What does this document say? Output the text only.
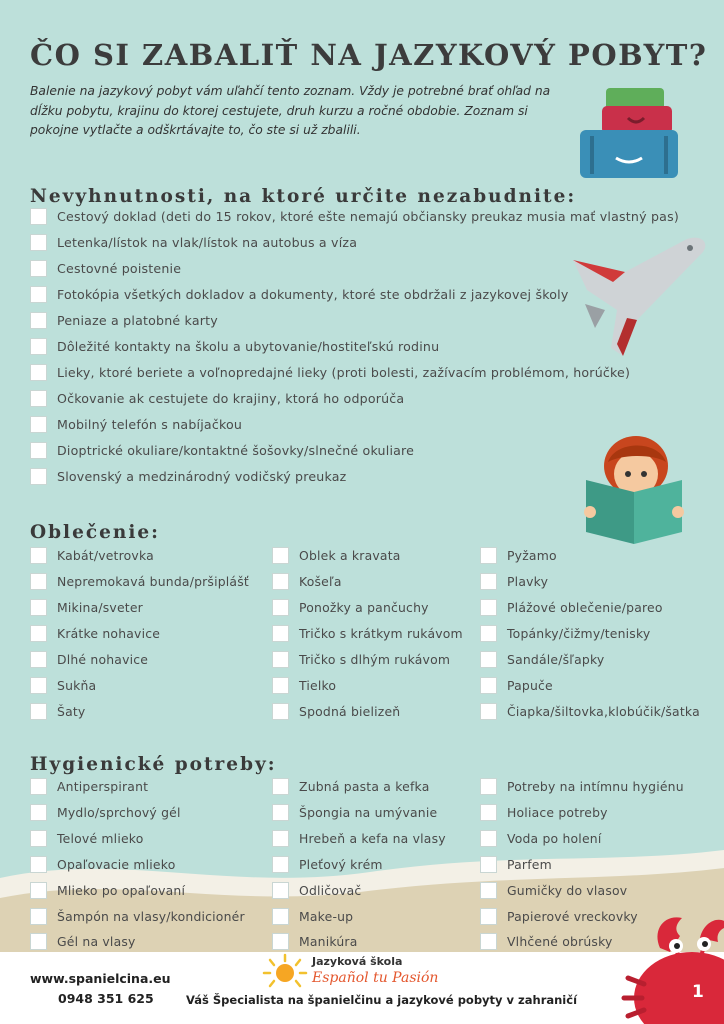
ČO SI ZABALIŤ NA JAZYKOVÝ POBYT?
Balenie na jazykový pobyt vám uľahčí tento zoznam. Vždy je potrebné brať ohľad na dĺžku pobytu, krajinu do ktorej cestujete, druh kurzu a ročné obdobie. Zoznam si pokojne vytlačte a odškrtávajte to, čo ste si už zbalili.
Nevyhnutnosti, na ktoré určite nezabudnite:
Cestový doklad (deti do 15 rokov, ktoré ešte nemajú občiansky preukaz musia mať vlastný pas)
Letenka/lístok na vlak/lístok na autobus a víza
Cestovné poistenie
Fotokópia všetkých dokladov a dokumenty, ktoré ste obdržali z jazykovej školy
Peniaze a platobné karty
Dôležité kontakty na školu a ubytovanie/hostiteľskú rodinu
Lieky, ktoré beriete a voľnopredajné lieky (proti bolesti, zažívacím problémom, horúčke)
Očkovanie ak cestujete do krajiny, ktorá ho odporúča
Mobilný telefón s nabíjačkou
Dioptrické okuliare/kontaktné šošovky/slnečné okuliare
Slovenský a medzinárodný vodičský preukaz
Oblečenie:
Kabát/vetrovka
Nepremokavá bunda/pršiplášť
Mikina/sveter
Krátke nohavice
Dlhé nohavice
Sukňa
Šaty
Oblek a kravata
Košeľa
Ponožky a pančuchy
Tričko s krátkym rukávom
Tričko s dlhým rukávom
Tielko
Spodná bielizeň
Pyžamo
Plavky
Plážové oblečenie/pareo
Topánky/čižmy/tenisky
Sandále/šľapky
Papuče
Čiapka/šiltovka,klobúčik/šatka
Hygienické potreby:
Antiperspirant
Mydlo/sprchový gél
Telové mlieko
Opaľovacie mlieko
Mlieko po opaľovaní
Šampón na vlasy/kondicionér
Gél na vlasy
Zubná pasta a kefka
Špongia na umývanie
Hrebeň a kefa na vlasy
Pleťový krém
Odličovač
Make-up
Manikúra
Potreby na intímnu hygiénu
Holiace potreby
Voda po holení
Parfem
Gumičky do vlasov
Papierové vreckovky
Vlhčené obrúsky
www.spanielcina.eu
0948 351 625
Jazyková škola
Español tu Pasión
Váš Špecialista na španielčinu a jazykové pobyty v zahraničí	1
